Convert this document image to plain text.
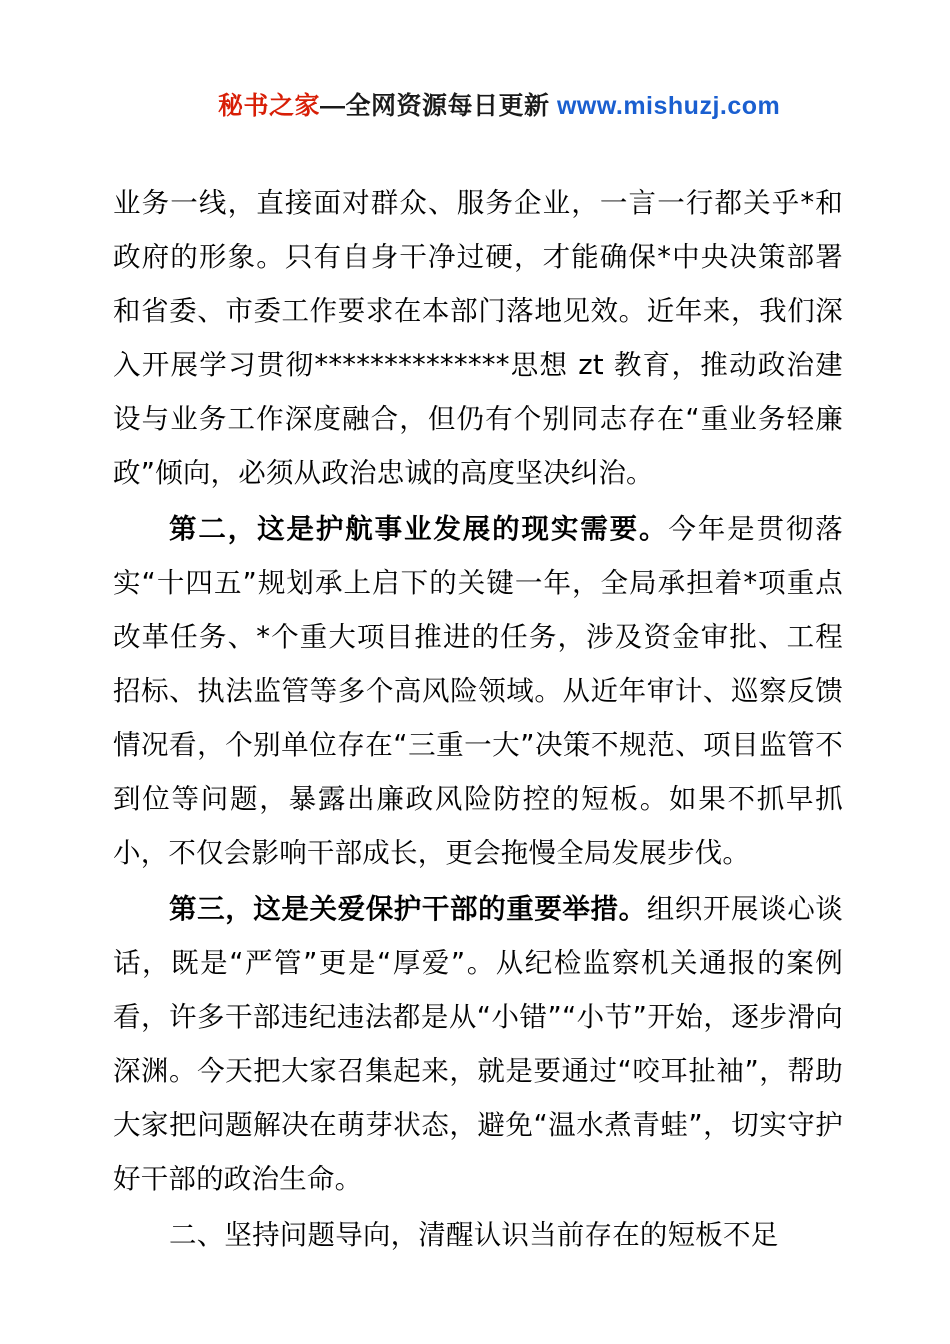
秘书之家—全网资源每日更新 www.mishuzj.com

业务一线，直接面对群众、服务企业，一言一行都关乎*和政府的形象。只有自身干净过硬，才能确保*中央决策部署和省委、市委工作要求在本部门落地见效。近年来，我们深入开展学习贯彻**************思想 zt 教育，推动政治建设与业务工作深度融合，但仍有个别同志存在“重业务轻廉政”倾向，必须从政治忠诚的高度坚决纠治。

第二，这是护航事业发展的现实需要。今年是贯彻落实“十四五”规划承上启下的关键一年，全局承担着*项重点改革任务、*个重大项目推进的任务，涉及资金审批、工程招标、执法监管等多个高风险领域。从近年审计、巡察反馈情况看，个别单位存在“三重一大”决策不规范、项目监管不到位等问题，暴露出廉政风险防控的短板。如果不抓早抓小，不仅会影响干部成长，更会拖慢全局发展步伐。

第三，这是关爱保护干部的重要举措。组织开展谈心谈话，既是“严管”更是“厚爱”。从纪检监察机关通报的案例看，许多干部违纪违法都是从“小错”“小节”开始，逐步滑向深渊。今天把大家召集起来，就是要通过“咬耳扯袖”，帮助大家把问题解决在萌芽状态，避免“温水煮青蛙”，切实守护好干部的政治生命。

二、坚持问题导向，清醒认识当前存在的短板不足
